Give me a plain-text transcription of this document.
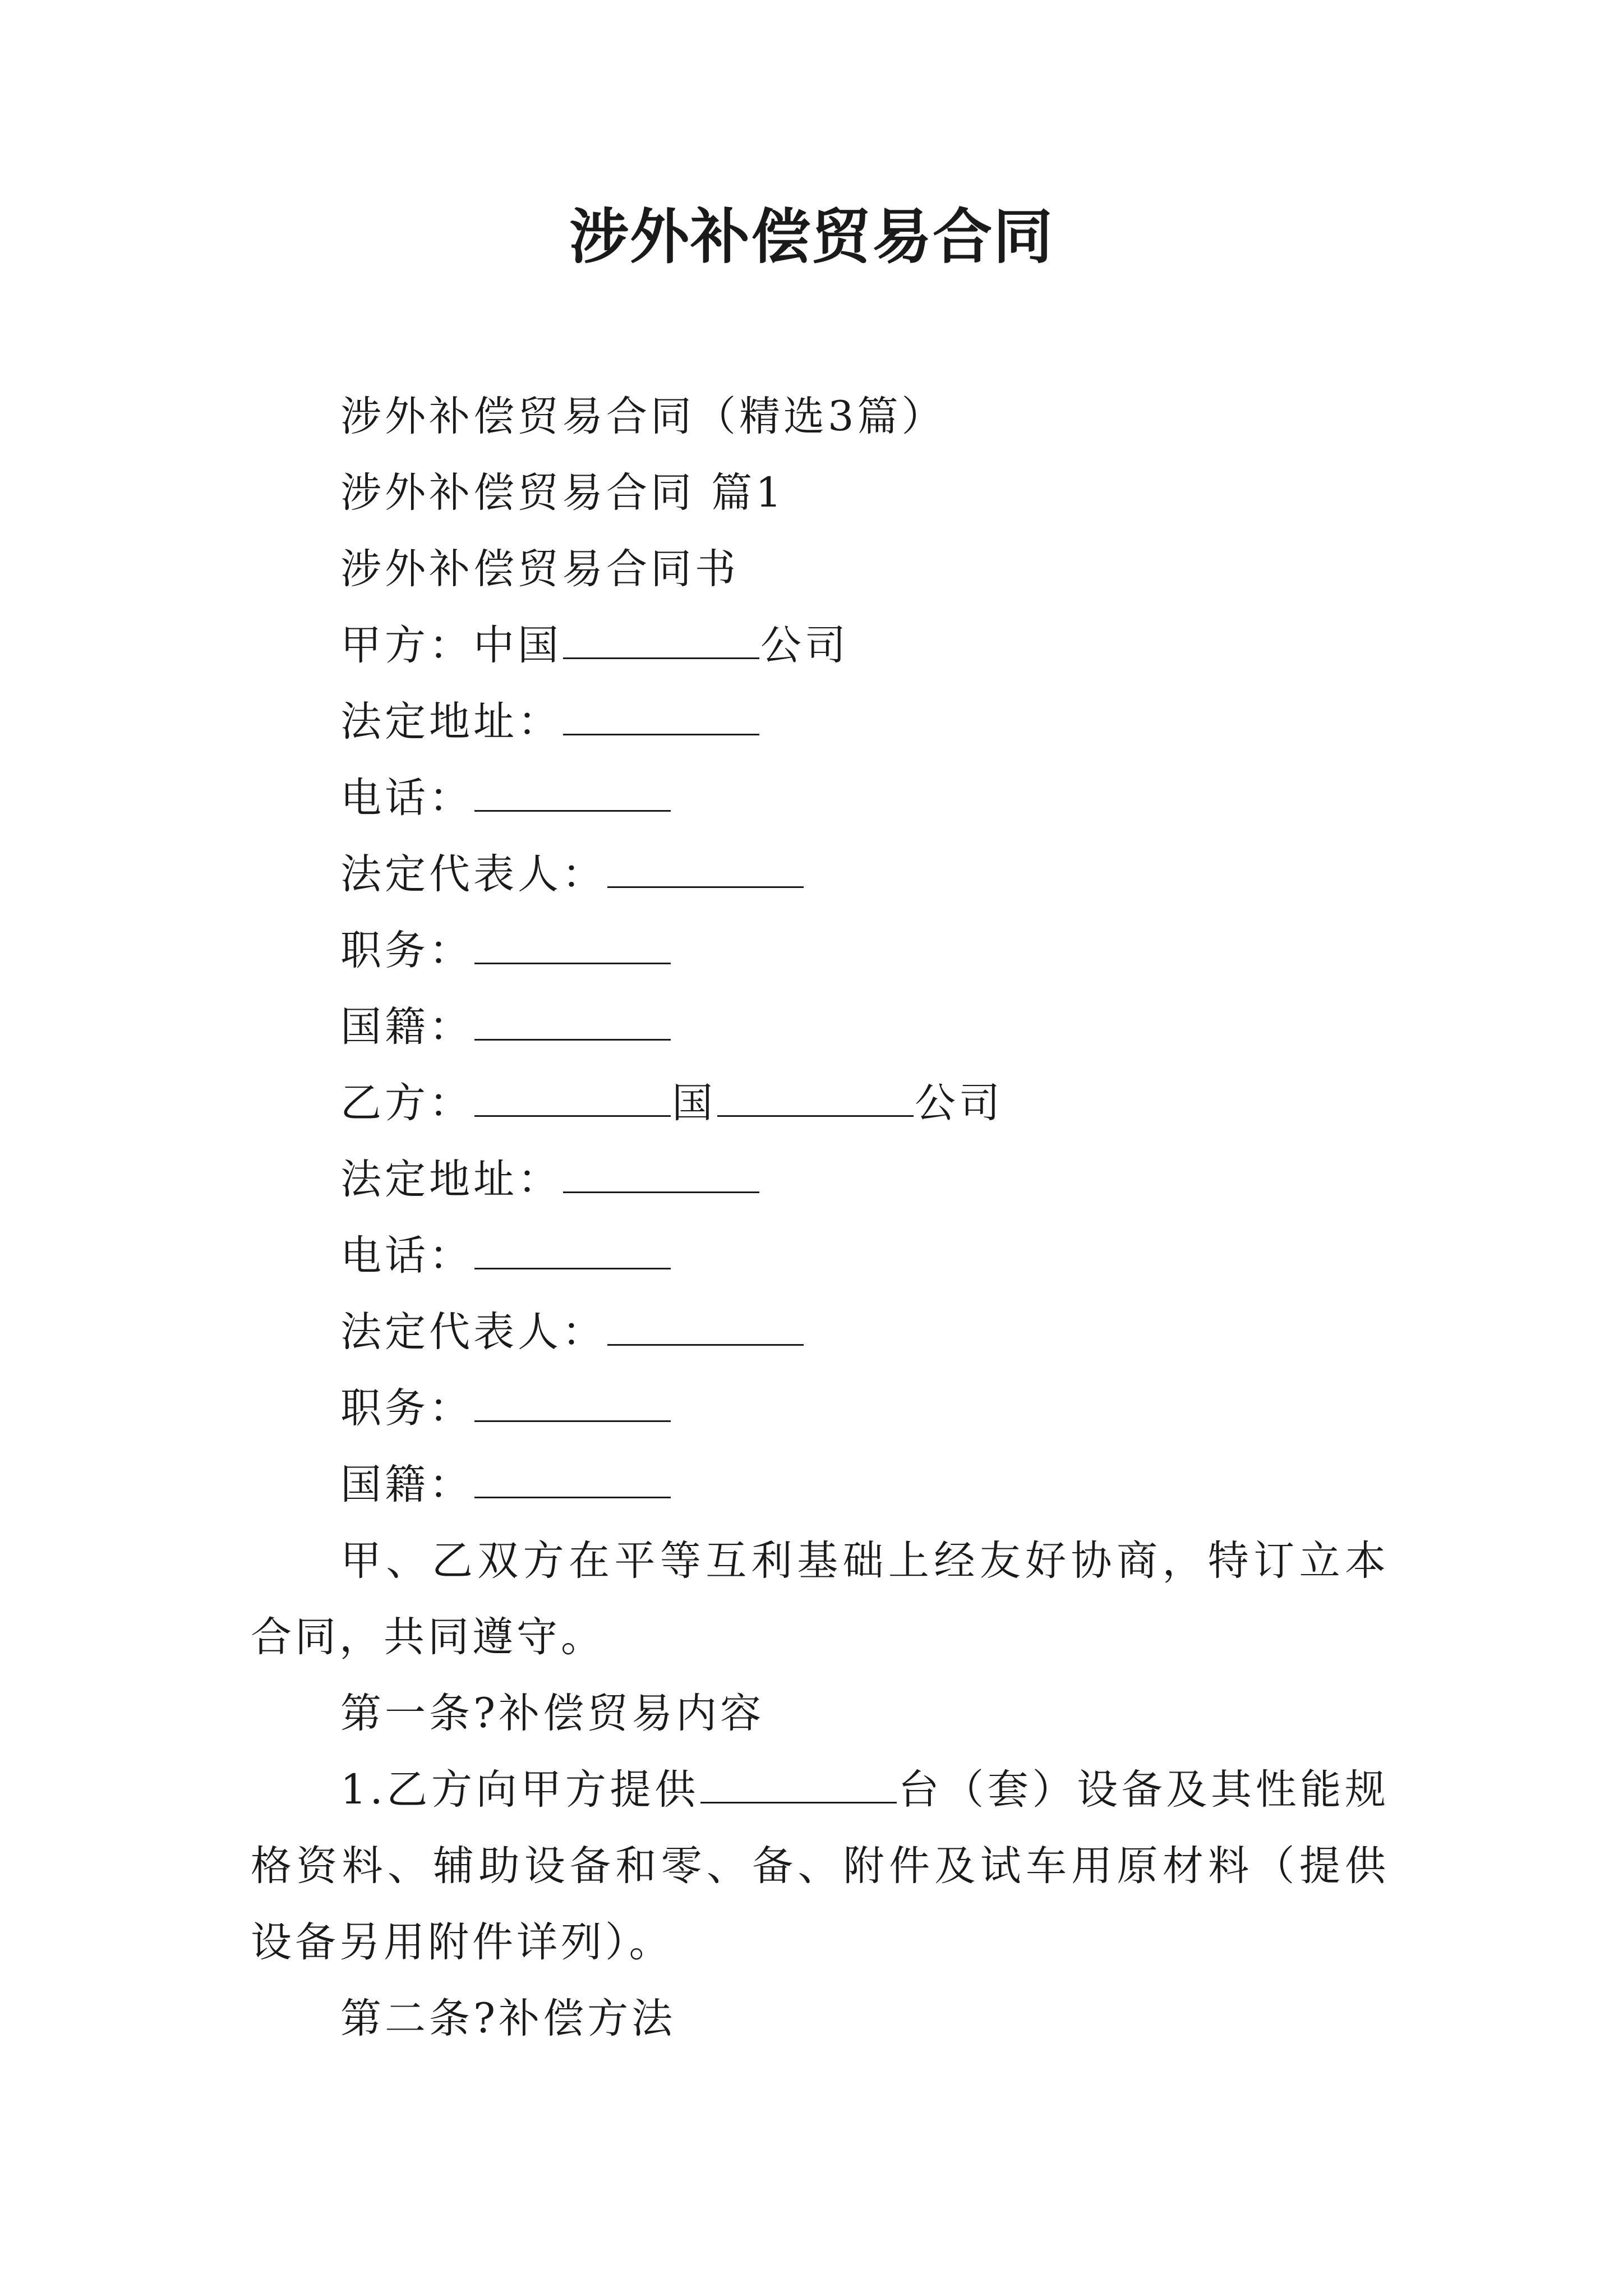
涉外补偿贸易合同

涉外补偿贸易合同（精选3篇）

涉外补偿贸易合同 篇1

涉外补偿贸易合同书

甲方：中国	公司

法定地址：

电话：

法定代表人：

职务：

国籍：

乙方：	国	公司

法定地址：

电话：

法定代表人：

职务：

国籍：

甲、乙双方在平等互利基础上经友好协商，特订立本合同，共同遵守。

第一条?补偿贸易内容

1.乙方向甲方提供	台（套）设备及其性能规格资料、辅助设备和零、备、附件及试车用原材料（提供设备另用附件详列）。

第二条?补偿方法
